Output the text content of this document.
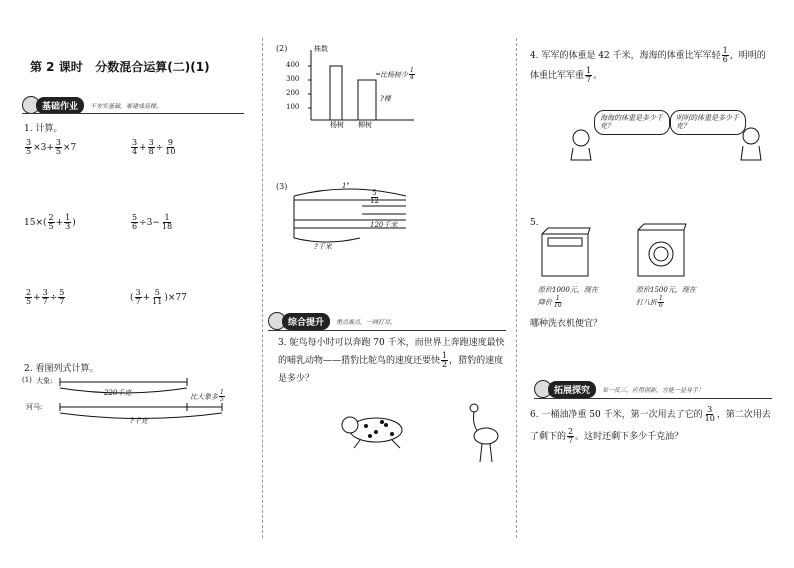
第 2 课时 分数混合运算(二)(1)
基础作业	不夯实基础，难建成高楼。
1. 计算。
$\frac{3}{5} \times 3+ \frac{3}{5} \times 7$	$\frac{3}{4} + \frac{3}{8} \div \frac{9}{10}$
$15\times( \frac{2}{5} + \frac{1}{3}$ )	$\frac{5}{6} \div 3- \frac{1}{18}$
$\frac{2}{5} + \frac{3}{7} \div \frac{5}{7}$	( $\frac{3}{7} + \frac{5}{11} )\times 77$
2. 看图列式计算。
(1) 大象:
河马:
220千克	比大象多 $\frac{1}{5}$
?千克
(2)	株数
400
300
200
100
杨树 柳树
比杨树少 $\frac{1}{4}$
?棵
(3)	1"
$\frac{5}{12}$
120千米
?千米
综合提升	重点难点，一网打尽。
3. 鸵鸟每小时可以奔跑 70 千米，而世界上奔跑速度最快的哺乳动物——猎豹比鸵鸟的速度还要快 $\frac{1}{2}$ ，猎豹的速度是多少？
4. 军军的体重是 42 千米，海海的体重比军军轻 $\frac{1}{6}$ ，明明的体重比军军重 $\frac{1}{7}$ 。
海海的体重是多少千克？
明明的体重是多少千克？
5.
原价1000元，现在降价 $\frac{1}{10}$
原价1500元，现在打八折 $\frac{1}{6}$
哪种洗衣机便宜？
拓展探究	举一反三，应用创新，方能一显身手！
6. 一桶油净重 50 千米，第一次用去了它的 $\frac{3}{10}$ ，第二次用去了剩下的 $\frac{2}{7}$ 。这时还剩下多少千克油？
